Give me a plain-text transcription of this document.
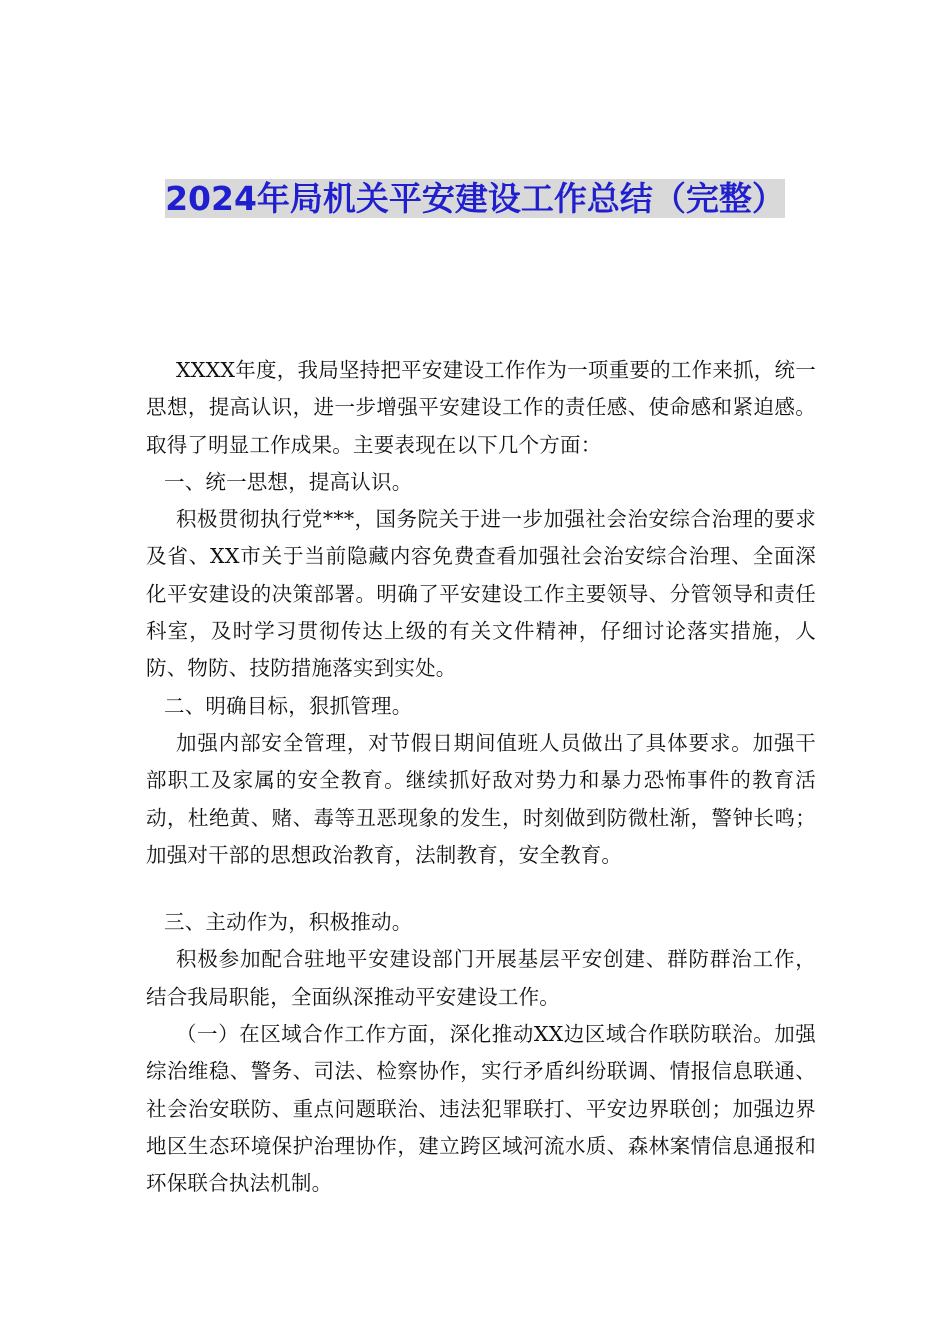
2024年局机关平安建设工作总结（完整）

XXXX年度，我局坚持把平安建设工作作为一项重要的工作来抓，统一思想，提高认识，进一步增强平安建设工作的责任感、使命感和紧迫感。取得了明显工作成果。主要表现在以下几个方面：

一、统一思想，提高认识。

积极贯彻执行党***，国务院关于进一步加强社会治安综合治理的要求及省、XX市关于当前隐藏内容免费查看加强社会治安综合治理、全面深化平安建设的决策部署。明确了平安建设工作主要领导、分管领导和责任科室，及时学习贯彻传达上级的有关文件精神，仔细讨论落实措施，人防、物防、技防措施落实到实处。

二、明确目标，狠抓管理。

加强内部安全管理，对节假日期间值班人员做出了具体要求。加强干部职工及家属的安全教育。继续抓好敌对势力和暴力恐怖事件的教育活动，杜绝黄、赌、毒等丑恶现象的发生，时刻做到防微杜渐，警钟长鸣；加强对干部的思想政治教育，法制教育，安全教育。

三、主动作为，积极推动。

积极参加配合驻地平安建设部门开展基层平安创建、群防群治工作，结合我局职能，全面纵深推动平安建设工作。

（一）在区域合作工作方面，深化推动XX边区域合作联防联治。加强综治维稳、警务、司法、检察协作，实行矛盾纠纷联调、情报信息联通、社会治安联防、重点问题联治、违法犯罪联打、平安边界联创；加强边界地区生态环境保护治理协作，建立跨区域河流水质、森林案情信息通报和环保联合执法机制。
